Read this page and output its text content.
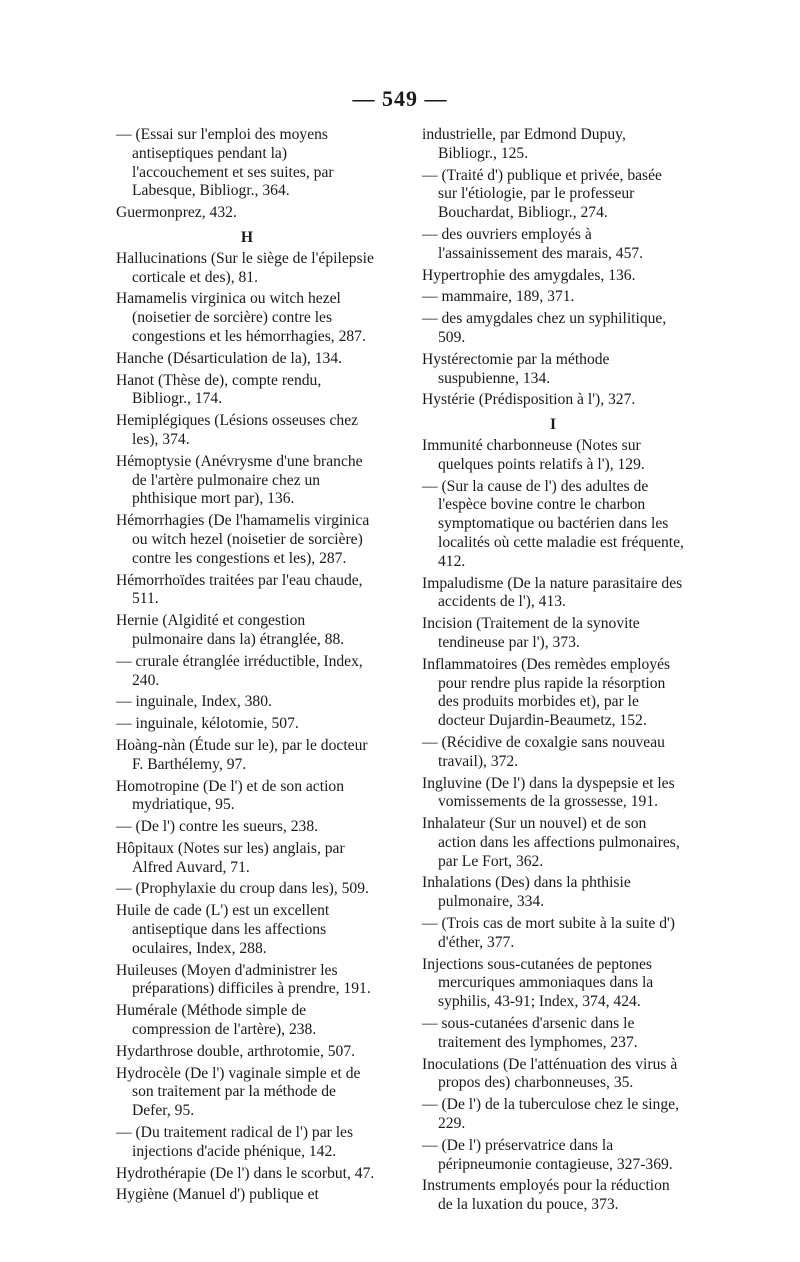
— 549 —
— (Essai sur l'emploi des moyens antiseptiques pendant la) l'accouchement et ses suites, par Labesque, Bibliogr., 364.
Guermonprez, 432.
H
Hallucinations (Sur le siège de l'épilepsie corticale et des), 81.
Hamamelis virginica ou witch hezel (noisetier de sorcière) contre les congestions et les hémorrhagies, 287.
Hanche (Désarticulation de la), 134.
Hanot (Thèse de), compte rendu, Bibliogr., 174.
Hemiplégiques (Lésions osseuses chez les), 374.
Hémoptysie (Anévrysme d'une branche de l'artère pulmonaire chez un phthisique mort par), 136.
Hémorrhagies (De l'hamamelis virginica ou witch hezel (noisetier de sorcière) contre les congestions et les), 287.
Hémorrhoïdes traitées par l'eau chaude, 511.
Hernie (Algidité et congestion pulmonaire dans la) étranglée, 88.
— crurale étranglée irréductible, Index, 240.
— inguinale, Index, 380.
— inguinale, kélotomie, 507.
Hoàng-nàn (Étude sur le), par le docteur F. Barthélemy, 97.
Homotropine (De l') et de son action mydriatique, 95.
— (De l') contre les sueurs, 238.
Hôpitaux (Notes sur les) anglais, par Alfred Auvard, 71.
— (Prophylaxie du croup dans les), 509.
Huile de cade (L') est un excellent antiseptique dans les affections oculaires, Index, 288.
Huileuses (Moyen d'administrer les préparations) difficiles à prendre, 191.
Humérale (Méthode simple de compression de l'artère), 238.
Hydarthrose double, arthrotomie, 507.
Hydrocèle (De l') vaginale simple et de son traitement par la méthode de Defer, 95.
— (Du traitement radical de l') par les injections d'acide phénique, 142.
Hydrothérapie (De l') dans le scorbut, 47.
Hygiène (Manuel d') publique et
industrielle, par Edmond Dupuy, Bibliogr., 125.
— (Traité d') publique et privée, basée sur l'étiologie, par le professeur Bouchardat, Bibliogr., 274.
— des ouvriers employés à l'assainissement des marais, 457.
Hypertrophie des amygdales, 136.
— mammaire, 189, 371.
— des amygdales chez un syphilitique, 509.
Hystérectomie par la méthode suspubienne, 134.
Hystérie (Prédisposition à l'), 327.
I
Immunité charbonneuse (Notes sur quelques points relatifs à l'), 129.
— (Sur la cause de l') des adultes de l'espèce bovine contre le charbon symptomatique ou bactérien dans les localités où cette maladie est fréquente, 412.
Impaludisme (De la nature parasitaire des accidents de l'), 413.
Incision (Traitement de la synovite tendineuse par l'), 373.
Inflammatoires (Des remèdes employés pour rendre plus rapide la résorption des produits morbides et), par le docteur Dujardin-Beaumetz, 152.
— (Récidive de coxalgie sans nouveau travail), 372.
Ingluvine (De l') dans la dyspepsie et les vomissements de la grossesse, 191.
Inhalateur (Sur un nouvel) et de son action dans les affections pulmonaires, par Le Fort, 362.
Inhalations (Des) dans la phthisie pulmonaire, 334.
— (Trois cas de mort subite à la suite d') d'éther, 377.
Injections sous-cutanées de peptones mercuriques ammoniaques dans la syphilis, 43-91; Index, 374, 424.
— sous-cutanées d'arsenic dans le traitement des lymphomes, 237.
Inoculations (De l'atténuation des virus à propos des) charbonneuses, 35.
— (De l') de la tuberculose chez le singe, 229.
— (De l') préservatrice dans la péripneumonie contagieuse, 327-369.
Instruments employés pour la réduction de la luxation du pouce, 373.
